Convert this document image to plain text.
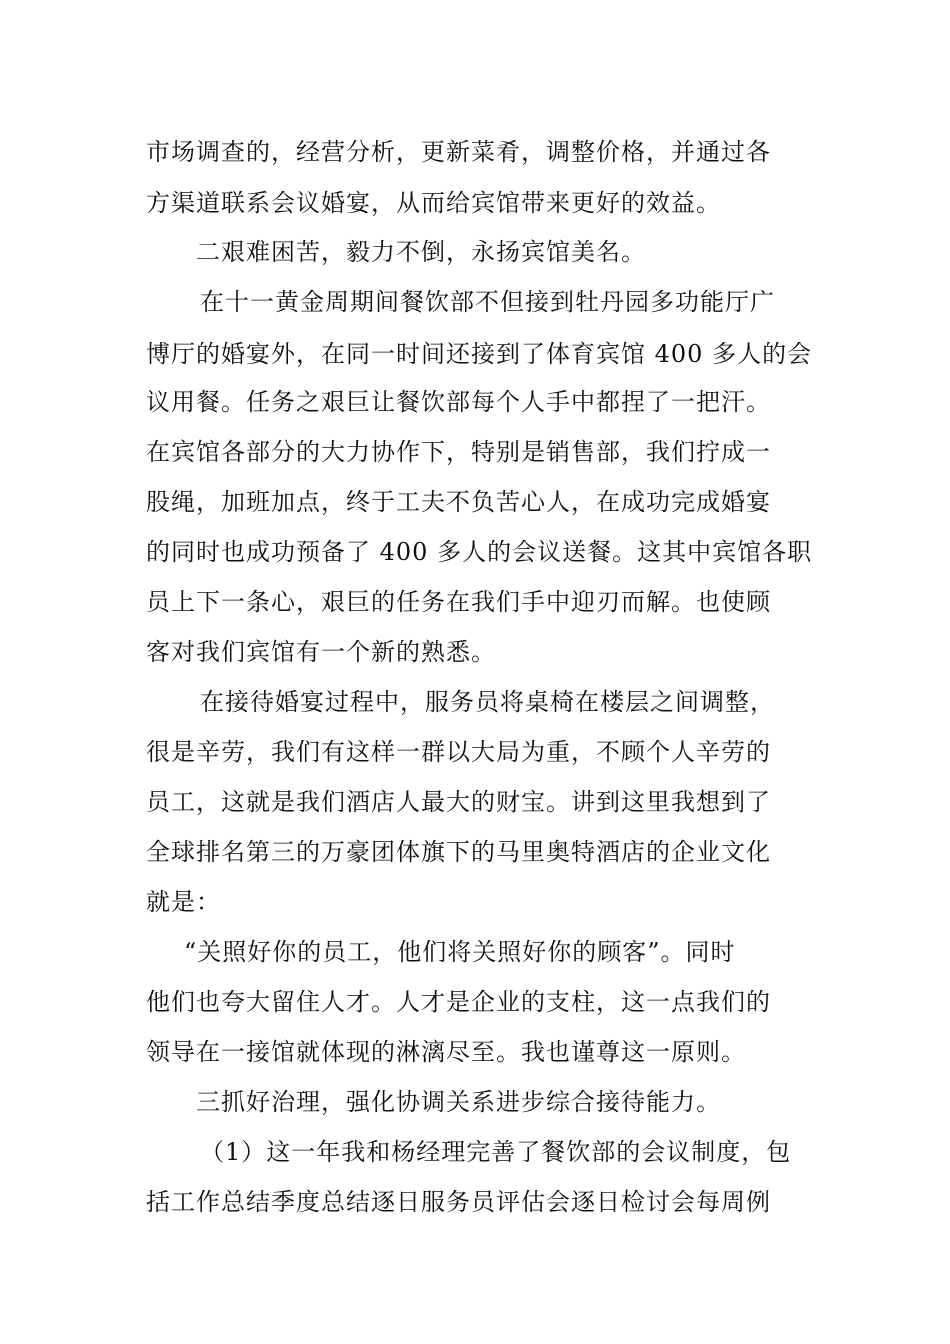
市场调查的，经营分析，更新菜肴，调整价格，并通过各

方渠道联系会议婚宴，从而给宾馆带来更好的效益。

二艰难困苦，毅力不倒，永扬宾馆美名。

在十一黄金周期间餐饮部不但接到牡丹园多功能厅广

博厅的婚宴外，在同一时间还接到了体育宾馆 400 多人的会

议用餐。任务之艰巨让餐饮部每个人手中都捏了一把汗。

在宾馆各部分的大力协作下，特别是销售部，我们拧成一

股绳，加班加点，终于工夫不负苦心人，在成功完成婚宴

的同时也成功预备了 400 多人的会议送餐。这其中宾馆各职

员上下一条心，艰巨的任务在我们手中迎刃而解。也使顾

客对我们宾馆有一个新的熟悉。

在接待婚宴过程中，服务员将桌椅在楼层之间调整，

很是辛劳，我们有这样一群以大局为重，不顾个人辛劳的

员工，这就是我们酒店人最大的财宝。讲到这里我想到了

全球排名第三的万豪团体旗下的马里奥特酒店的企业文化

就是：

“关照好你的员工，他们将关照好你的顾客”。同时

他们也夸大留住人才。人才是企业的支柱，这一点我们的

领导在一接馆就体现的淋漓尽至。我也谨尊这一原则。

三抓好治理，强化协调关系进步综合接待能力。

（1）这一年我和杨经理完善了餐饮部的会议制度，包

括工作总结季度总结逐日服务员评估会逐日检讨会每周例
